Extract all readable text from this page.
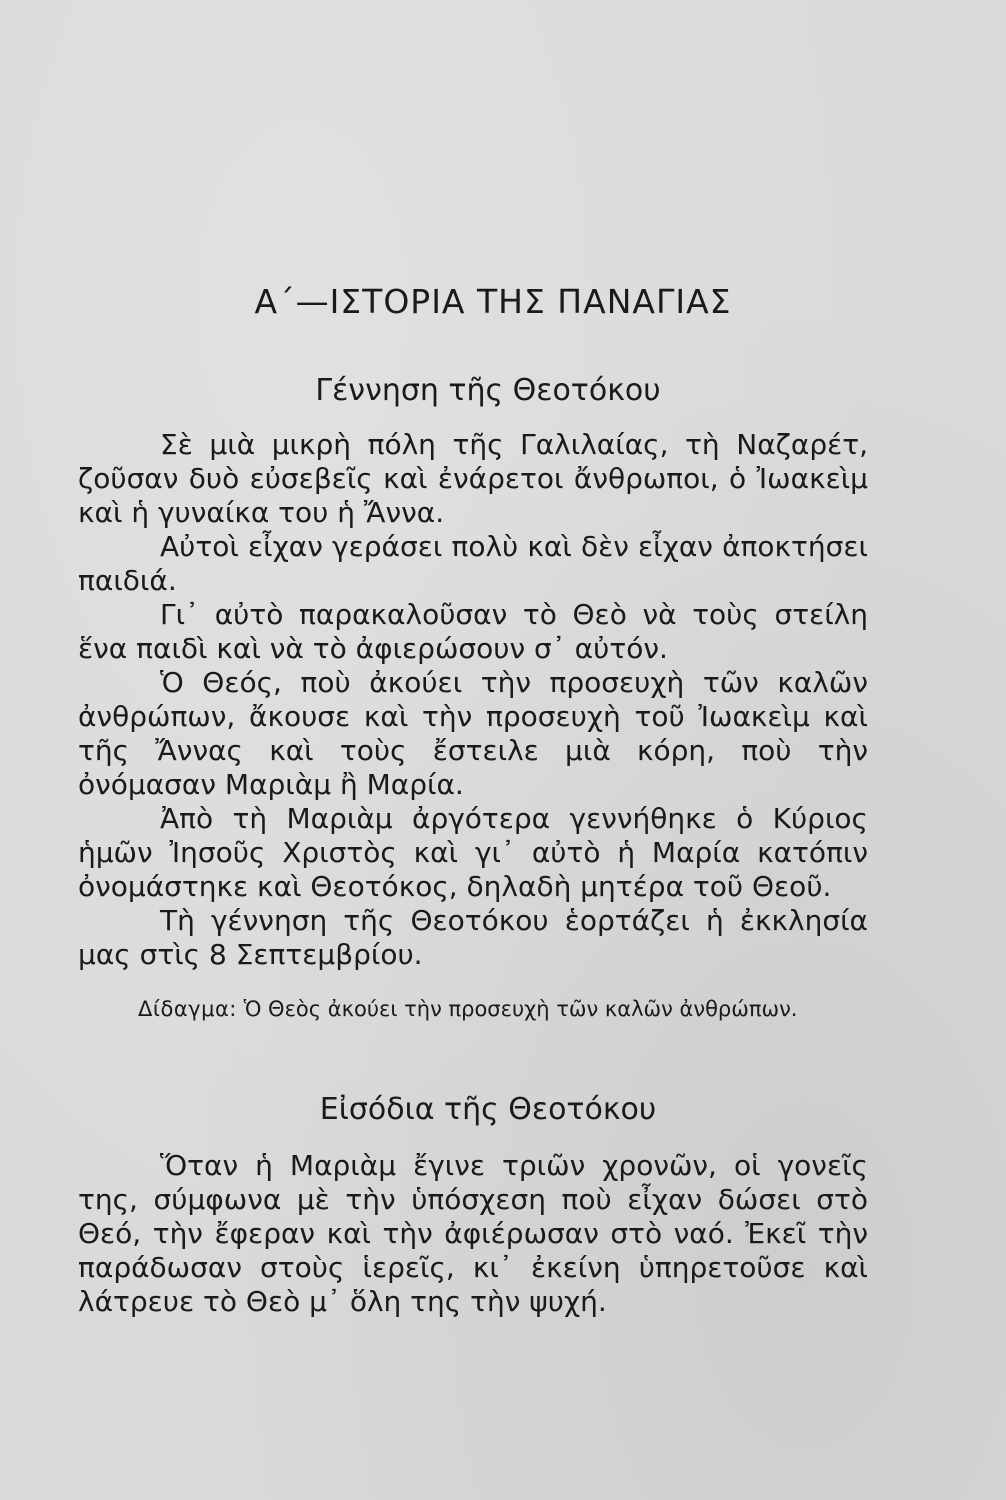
Α΄—ΙΣΤΟΡΙΑ ΤΗΣ ΠΑΝΑΓΙΑΣ
Γέννηση τῆς Θεοτόκου

Σὲ μιὰ μικρὴ πόλη τῆς Γαλιλαίας, τὴ Ναζαρέτ, ζοῦσαν δυὸ εὐσεβεῖς καὶ ἐνάρετοι ἄνθρωποι, ὁ Ἰωακεὶμ καὶ ἡ γυναίκα του ἡ Ἄννα.

Αὐτοὶ εἶχαν γεράσει πολὺ καὶ δὲν εἶχαν ἀποκτήσει παιδιά.

Γι᾽ αὐτὸ παρακαλοῦσαν τὸ Θεὸ νὰ τοὺς στείλη ἕνα παιδὶ καὶ νὰ τὸ ἀφιερώσουν σ᾽ αὐτόν.

Ὁ Θεός, ποὺ ἀκούει τὴν προσευχὴ τῶν καλῶν ἀνθρώπων, ἄκουσε καὶ τὴν προσευχὴ τοῦ Ἰωακεὶμ καὶ τῆς Ἄννας καὶ τοὺς ἔστειλε μιὰ κόρη, ποὺ τὴν ὀνόμασαν Μαριὰμ ἢ Μαρία.

Ἀπὸ τὴ Μαριὰμ ἀργότερα γεννήθηκε ὁ Κύριος ἡμῶν Ἰησοῦς Χριστὸς καὶ γι᾽ αὐτὸ ἡ Μαρία κατόπιν ὀνομάστηκε καὶ Θεοτόκος, δηλαδὴ μητέρα τοῦ Θεοῦ.

Τὴ γέννηση τῆς Θεοτόκου ἑορτάζει ἡ ἐκκλησία μας στὶς 8 Σεπτεμβρίου.

Δίδαγμα: Ὁ Θεὸς ἀκούει τὴν προσευχὴ τῶν καλῶν ἀνθρώπων.

Εἰσόδια τῆς Θεοτόκου

Ὅταν ἡ Μαριὰμ ἔγινε τριῶν χρονῶν, οἱ γονεῖς της, σύμφωνα μὲ τὴν ὑπόσχεση ποὺ εἶχαν δώσει στὸ Θεό, τὴν ἔφεραν καὶ τὴν ἀφιέρωσαν στὸ ναό. Ἐκεῖ τὴν παράδωσαν στοὺς ἱερεῖς, κι᾽ ἐκείνη ὑπηρετοῦσε καὶ λάτρευε τὸ Θεὸ μ᾽ ὅλη της τὴν ψυχή.
